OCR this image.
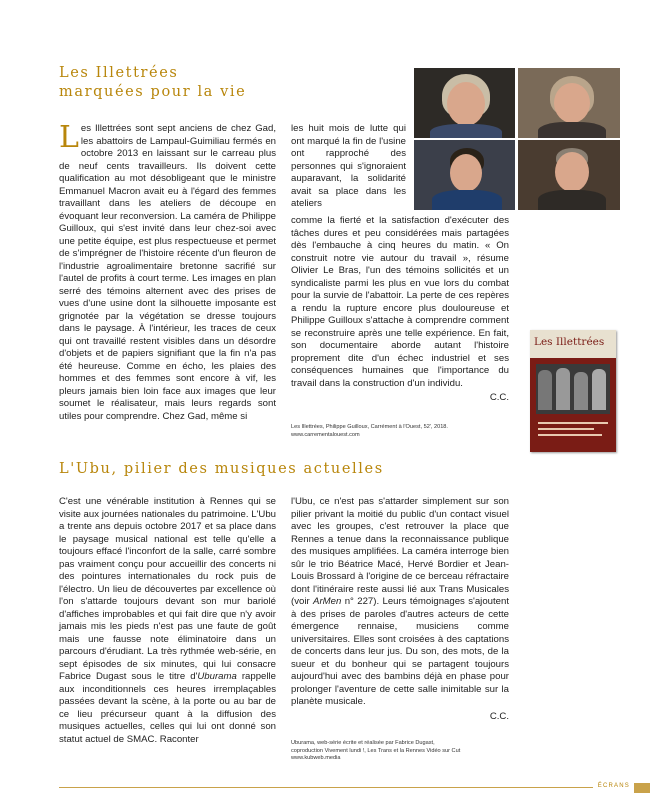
Les Illettrées
marquées pour la vie
L es Illettrées sont sept anciens de chez Gad, les abattoirs de Lampaul-Guimiliau fermés en octobre 2013 en laissant sur le carreau plus de neuf cents travailleurs. Ils doivent cette qualification au mot désobligeant que le ministre Emmanuel Macron avait eu à l'égard des femmes travaillant dans les ateliers de découpe en évoquant leur reconversion. La caméra de Philippe Guilloux, qui s'est invité dans leur chez-soi avec une petite équipe, est plus respectueuse et permet de s'imprégner de l'histoire récente d'un fleuron de l'industrie agroalimentaire bretonne sacrifié sur l'autel de profits à court terme. Les images en plan serré des témoins alternent avec des prises de vues d'une usine dont la silhouette imposante est grignotée par la végétation se dresse toujours dans le paysage. À l'intérieur, les traces de ceux qui ont travaillé restent visibles dans un désordre d'objets et de papiers signifiant que la fin n'a pas été heureuse. Comme en écho, les plaies des hommes et des femmes sont encore à vif, les pleurs jamais bien loin face aux images que leur soumet le réalisateur, mais leurs regards sont utiles pour comprendre. Chez Gad, même si
les huit mois de lutte qui ont marqué la fin de l'usine ont rapproché des personnes qui s'ignoraient auparavant, la solidarité avait sa place dans les ateliers
comme la fierté et la satisfaction d'exécuter des tâches dures et peu considérées mais partagées dès l'embauche à cinq heures du matin. « On construit notre vie autour du travail », résume Olivier Le Bras, l'un des témoins sollicités et un syndicaliste parmi les plus en vue lors du combat pour la survie de l'abattoir. La perte de ces repères a rendu la rupture encore plus douloureuse et Philippe Guilloux s'attache à comprendre comment se reconstruire après une telle expérience. En fait, son documentaire aborde autant l'histoire proprement dite d'un échec industriel et ses conséquences humaines que l'importance du travail dans la construction d'un individu.
C.C.
Les Illettrées
Les Illettrées, Philippe Guilloux, Carrément à l'Ouest, 52', 2018.
www.carrementalouest.com
L'Ubu, pilier des musiques actuelles
C'est une vénérable institution à Rennes qui se visite aux journées nationales du patrimoine. L'Ubu a trente ans depuis octobre 2017 et sa place dans le paysage musical national est telle qu'elle a toujours effacé l'inconfort de la salle, carré sombre pas vraiment conçu pour accueillir des concerts ni des pointures internationales du rock puis de l'électro. Un lieu de découvertes par excellence où l'on s'attarde toujours devant son mur bariolé d'affiches improbables et qui fait dire que n'y avoir jamais mis les pieds n'est pas une faute de goût mais une fausse note éliminatoire dans un parcours d'érudiant. La très rythmée web-série, en sept épisodes de six minutes, qui lui consacre Fabrice Dugast sous le titre d'Uburama rappelle aux inconditionnels ces heures irremplaçables passées devant la scène, à la porte ou au bar de ce lieu précurseur quant à la diffusion des musiques actuelles, celles qui lui ont donné son statut actuel de SMAC. Raconter
l'Ubu, ce n'est pas s'attarder simplement sur son pilier privant la moitié du public d'un contact visuel avec les groupes, c'est retrouver la place que Rennes a tenue dans la reconnaissance publique des musiques amplifiées. La caméra interroge bien sûr le trio Béatrice Macé, Hervé Bordier et Jean-Louis Brossard à l'origine de ce berceau réfractaire dont l'itinéraire reste aussi lié aux Trans Musicales (voir ArMen n° 227). Leurs témoignages s'ajoutent à des prises de paroles d'autres acteurs de cette émergence rennaise, musiciens comme universitaires. Elles sont croisées à des captations de concerts dans leur jus. Du son, des mots, de la sueur et du bonheur qui se partagent toujours aujourd'hui avec des bambins déjà en phase pour prolonger l'aventure de cette salle inimitable sur la planète musicale.
C.C.
Uburama, web-série écrite et réalisée par Fabrice Dugast,
coproduction Vivement lundi !, Les Trans et la Rennes Vidéo sur Cut
www.kubweb.media
ÉCRANS
